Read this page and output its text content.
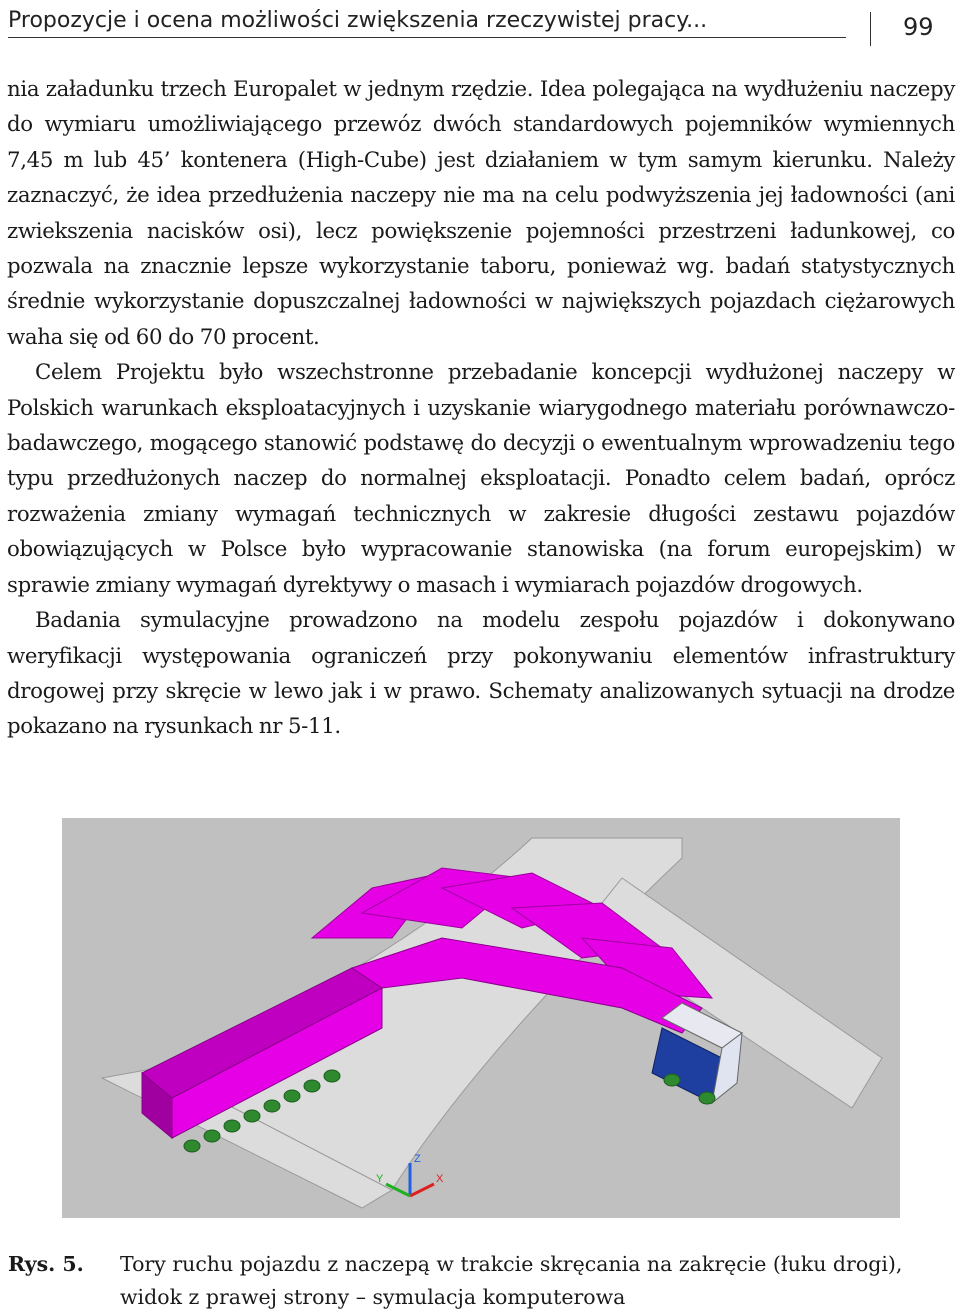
Propozycje i ocena możliwości zwiększenia rzeczywistej pracy...	99

nia załadunku trzech Europalet w jednym rzędzie. Idea polegająca na wydłużeniu naczepy do wymiaru umożliwiającego przewóz dwóch standardowych pojemników wymiennych 7,45 m lub 45’ kontenera (High-Cube) jest działaniem w tym samym kierunku. Należy zaznaczyć, że idea przedłużenia naczepy nie ma na celu podwyższenia jej ładowności (ani zwiekszenia nacisków osi), lecz powiększenie pojemności przestrzeni ładunkowej, co pozwala na znacznie lepsze wykorzystanie taboru, ponieważ wg. badań statystycznych średnie wykorzystanie dopuszczalnej ładowności w największych pojazdach ciężarowych waha się od 60 do 70 procent.

Celem Projektu było wszechstronne przebadanie koncepcji wydłużonej naczepy w Polskich warunkach eksploatacyjnych i uzyskanie wiarygodnego materiału porównawczo-badawczego, mogącego stanowić podstawę do decyzji o ewentualnym wprowadzeniu tego typu przedłużonych naczep do normalnej eksploatacji. Ponadto celem badań, oprócz rozważenia zmiany wymagań technicznych w zakresie długości zestawu pojazdów obowiązujących w Polsce było wypracowanie stanowiska (na forum europejskim) w sprawie zmiany wymagań dyrektywy o masach i wymiarach pojazdów drogowych.

Badania symulacyjne prowadzono na modelu zespołu pojazdów i dokonywano weryfikacji występowania ograniczeń przy pokonywaniu elementów infrastruktury drogowej przy skręcie w lewo jak i w prawo. Schematy analizowanych sytuacji na drodze pokazano na rysunkach nr 5-11.

X
Y
Z
Rys. 5. Tory ruchu pojazdu z naczepą w trakcie skręcania na zakręcie (łuku drogi), widok z prawej strony – symulacja komputerowa
